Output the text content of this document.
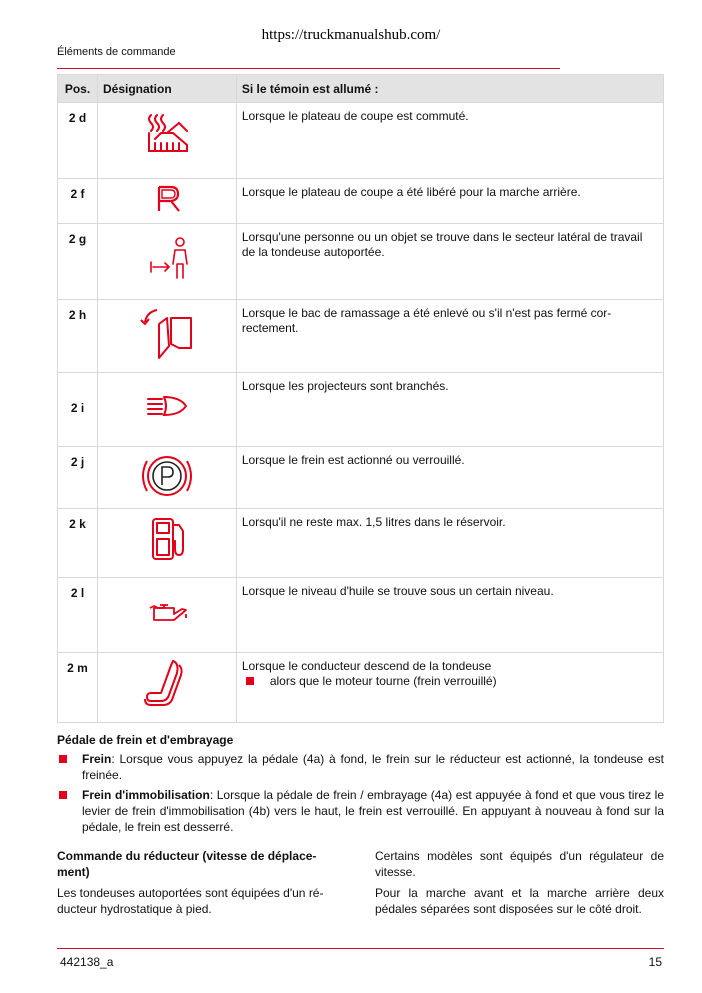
https://truckmanualshub.com/
Éléments de commande
Pos.	Désignation	Si le témoin est allumé :
2 d		Lorsque le plateau de coupe est commuté.
2 f		Lorsque le plateau de coupe a été libéré pour la marche arrière.
2 g		Lorsqu'une personne ou un objet se trouve dans le secteur latéral de travail de la tondeuse autoportée.
2 h		Lorsque le bac de ramassage a été enlevé ou s'il n'est pas fermé cor-rectement.
2 i		Lorsque les projecteurs sont branchés.
2 j		Lorsque le frein est actionné ou verrouillé.
2 k		Lorsqu'il ne reste max. 1,5 litres dans le réservoir.
2 l		Lorsque le niveau d'huile se trouve sous un certain niveau.
2 m		Lorsque le conducteur descend de la tondeuse
alors que le moteur tourne (frein verrouillé)
Pédale de frein et d'embrayage
Frein: Lorsque vous appuyez la pédale (4a) à fond, le frein sur le réducteur est actionné, la tondeuse est freinée.
Frein d'immobilisation: Lorsque la pédale de frein / embrayage (4a) est appuyée à fond et que vous tirez le levier de frein d'immobilisation (4b) vers le haut, le frein est verrouillé. En appuyant à nouveau à fond sur la pédale, le frein est desserré.

Commande du réducteur (vitesse de déplace-ment)

Les tondeuses autoportées sont équipées d'un ré-ducteur hydrostatique à pied.

Certains modèles sont équipés d'un régulateur de vitesse.

Pour la marche avant et la marche arrière deux pédales séparées sont disposées sur le côté droit.

442138_a	15
